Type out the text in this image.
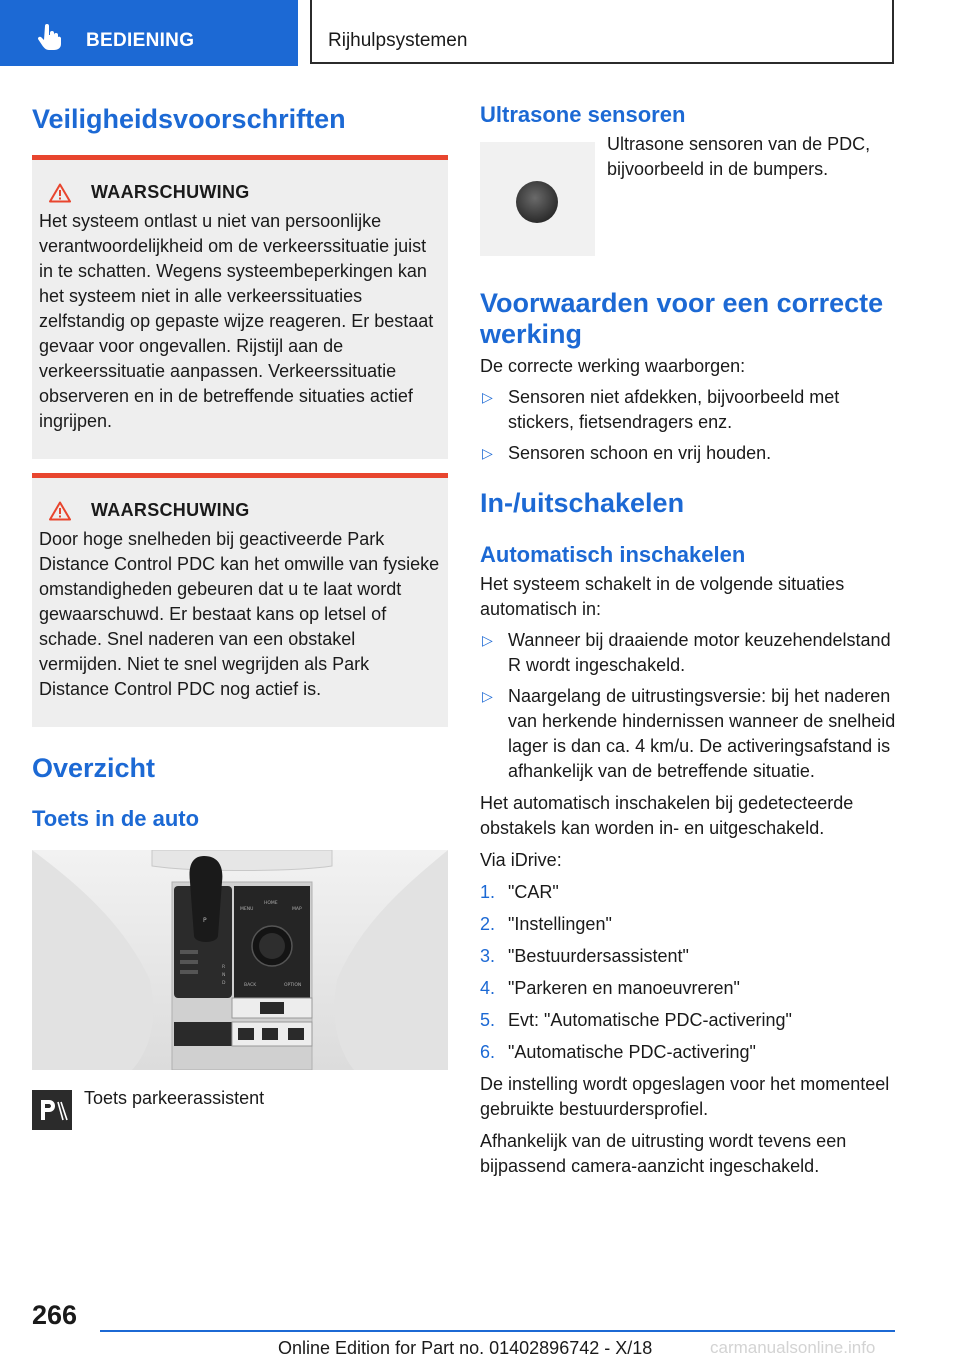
BEDIENING	Rijhulpsystemen
Veiligheidsvoorschriften
WAARSCHUWING

Het systeem ontlast u niet van persoonlijke verantwoordelijkheid om de verkeerssituatie juist in te schatten. Wegens systeembeperkingen kan het systeem niet in alle verkeerssituaties zelfstandig op gepaste wijze reageren. Er bestaat gevaar voor ongevallen. Rijstijl aan de verkeerssituatie aanpassen. Verkeerssituatie observeren en in de betreffende situaties actief ingrijpen.

WAARSCHUWING

Door hoge snelheden bij geactiveerde Park Distance Control PDC kan het omwille van fysieke omstandigheden gebeuren dat u te laat wordt gewaarschuwd. Er bestaat kans op letsel of schade. Snel naderen van een obstakel vermijden. Niet te snel wegrijden als Park Distance Control PDC nog actief is.

Overzicht
Toets in de auto
P
MENU
HOME
MAP
BACK	OPTION
R
N
D

Toets parkeerassistent

Ultrasone sensoren

Ultrasone sensoren van de PDC, bijvoorbeeld in de bumpers.

Voorwaarden voor een correcte werking

De correcte werking waarborgen:

▷ Sensoren niet afdekken, bijvoorbeeld met stickers, fietsendragers enz.
▷ Sensoren schoon en vrij houden.
In-/uitschakelen
Automatisch inschakelen

Het systeem schakelt in de volgende situaties automatisch in:

▷ Wanneer bij draaiende motor keuzehendelstand R wordt ingeschakeld.
▷ Naargelang de uitrustingsversie: bij het naderen van herkende hindernissen wanneer de snelheid lager is dan ca. 4 km/u. De activeringsafstand is afhankelijk van de betreffende situatie.

Het automatisch inschakelen bij gedetecteerde obstakels kan worden in- en uitgeschakeld.

Via iDrive:

1. "CAR"
2. "Instellingen"
3. "Bestuurdersassistent"
4. "Parkeren en manoeuvreren"
5. Evt: "Automatische PDC-activering"
6. "Automatische PDC-activering"

De instelling wordt opgeslagen voor het momenteel gebruikte bestuurdersprofiel.

Afhankelijk van de uitrusting wordt tevens een bijpassend camera-aanzicht ingeschakeld.

266
Online Edition for Part no. 01402896742 - X/18	carmanualsonline.info
